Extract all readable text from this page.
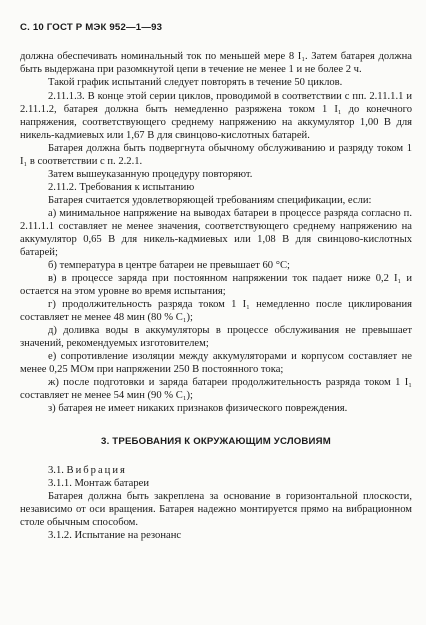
С. 10 ГОСТ Р МЭК 952—1—93

должна обеспечивать номинальный ток по меньшей мере 8 I₁. Затем батарея должна быть выдержана при разомкнутой цепи в течение не менее 1 и не более 2 ч.

Такой график испытаний следует повторять в течение 50 циклов.

2.11.1.3. В конце этой серии циклов, проводимой в соответствии с пп. 2.11.1.1 и 2.11.1.2, батарея должна быть немедленно разряжена током 1 I₁ до конечного напряжения, соответствующего среднему напряжению на аккумулятор 1,00 В для никель-кадмиевых или 1,67 В для свинцово-кислотных батарей.

Батарея должна быть подвергнута обычному обслуживанию и разряду током 1 I₁ в соответствии с п. 2.2.1.

Затем вышеуказанную процедуру повторяют.

2.11.2. Требования к испытанию

Батарея считается удовлетворяющей требованиям спецификации, если:

а) минимальное напряжение на выводах батареи в процессе разряда согласно п. 2.11.1.1 составляет не менее значения, соответствующего среднему напряжению на аккумулятор 0,65 В для никель-кадмиевых или 1,08 В для свинцово-кислотных батарей;

б) температура в центре батареи не превышает 60 °С;

в) в процессе заряда при постоянном напряжении ток падает ниже 0,2 I₁ и остается на этом уровне во время испытания;

г) продолжительность разряда током 1 I₁ немедленно после циклирования составляет не менее 48 мин (80 % C₁);

д) доливка воды в аккумуляторы в процессе обслуживания не превышает значений, рекомендуемых изготовителем;

е) сопротивление изоляции между аккумуляторами и корпусом составляет не менее 0,25 МОм при напряжении 250 В постоянного тока;

ж) после подготовки и заряда батареи продолжительность разряда током 1 I₁ составляет не менее 54 мин (90 % C₁);

з) батарея не имеет никаких признаков физического повреждения.

3. ТРЕБОВАНИЯ К ОКРУЖАЮЩИМ УСЛОВИЯМ

3.1. Вибрация

3.1.1. Монтаж батареи

Батарея должна быть закреплена за основание в горизонтальной плоскости, независимо от оси вращения. Батарея надежно монтируется прямо на вибрационном столе обычным способом.

3.1.2. Испытание на резонанс
